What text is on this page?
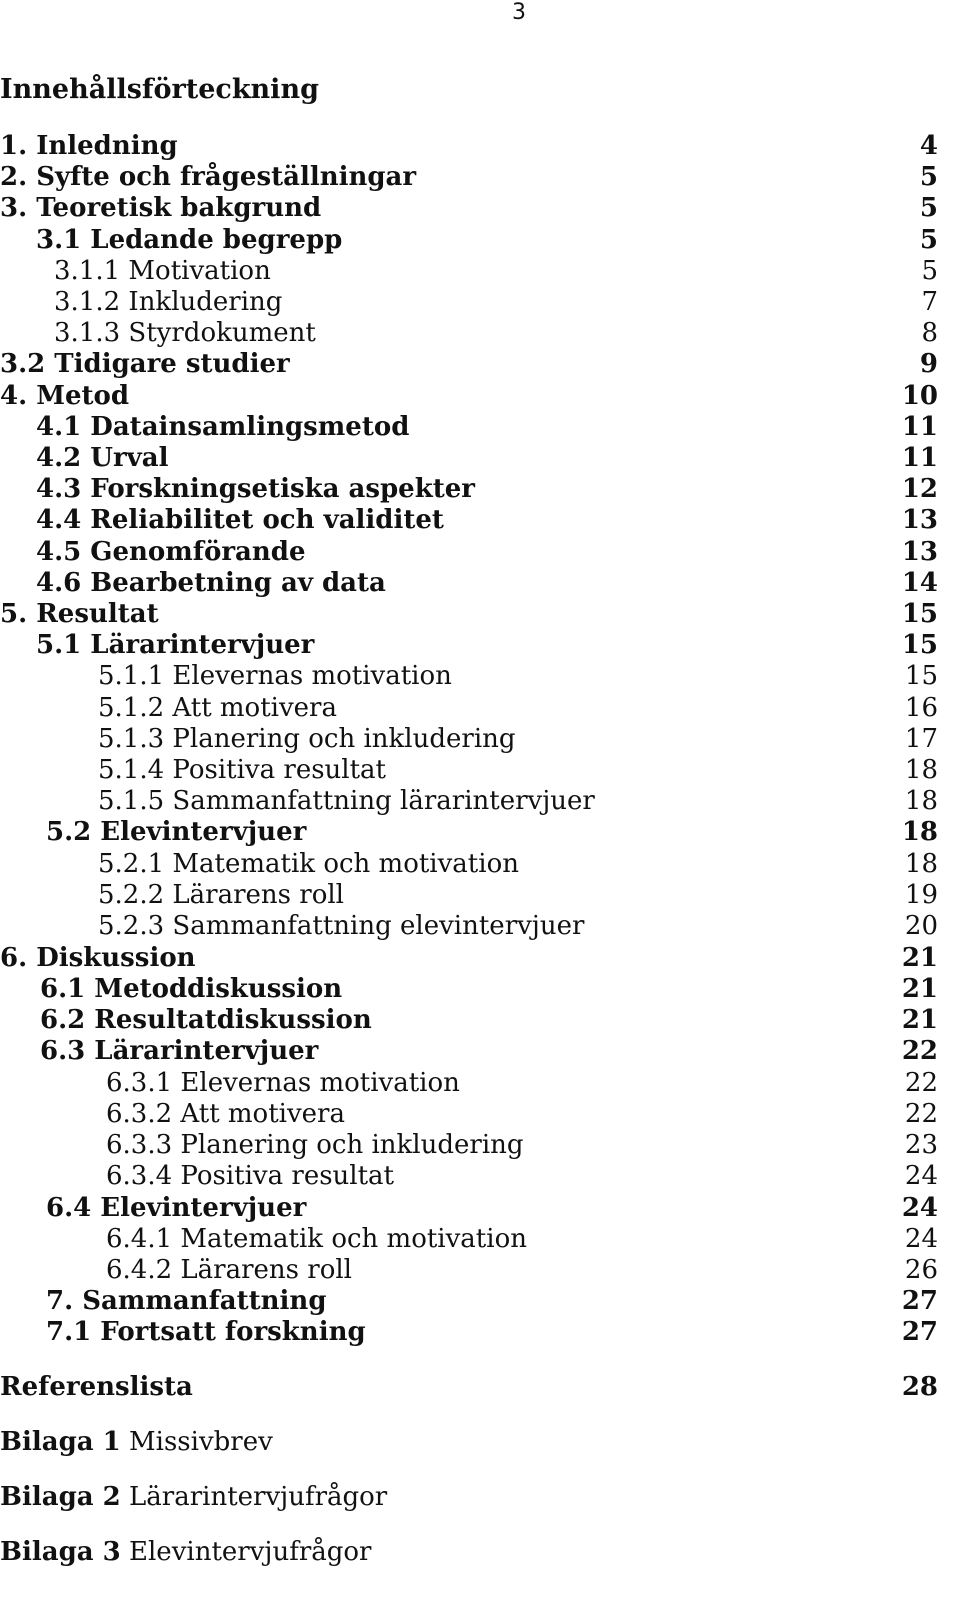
3
Innehållsförteckning
1. Inledning	4
2. Syfte och frågeställningar	5
3. Teoretisk bakgrund	5
3.1 Ledande begrepp	5
3.1.1 Motivation	5
3.1.2 Inkludering	7
3.1.3 Styrdokument	8
3.2 Tidigare studier	9
4. Metod	10
4.1 Datainsamlingsmetod	11
4.2 Urval	11
4.3 Forskningsetiska aspekter	12
4.4 Reliabilitet och validitet	13
4.5 Genomförande	13
4.6 Bearbetning av data	14
5. Resultat	15
5.1 Lärarintervjuer	15
5.1.1 Elevernas motivation	15
5.1.2 Att motivera	16
5.1.3 Planering och inkludering	17
5.1.4 Positiva resultat	18
5.1.5 Sammanfattning lärarintervjuer	18
5.2 Elevintervjuer	18
5.2.1 Matematik och motivation	18
5.2.2 Lärarens roll	19
5.2.3 Sammanfattning elevintervjuer	20
6. Diskussion	21
6.1 Metoddiskussion	21
6.2 Resultatdiskussion	21
6.3 Lärarintervjuer	22
6.3.1 Elevernas motivation	22
6.3.2 Att motivera	22
6.3.3 Planering och inkludering	23
6.3.4 Positiva resultat	24
6.4 Elevintervjuer	24
6.4.1 Matematik och motivation	24
6.4.2 Lärarens roll	26
7. Sammanfattning	27
7.1 Fortsatt forskning	27
Referenslista	28
Bilaga 1 Missivbrev
Bilaga 2 Lärarintervjufrågor
Bilaga 3 Elevintervjufrågor
